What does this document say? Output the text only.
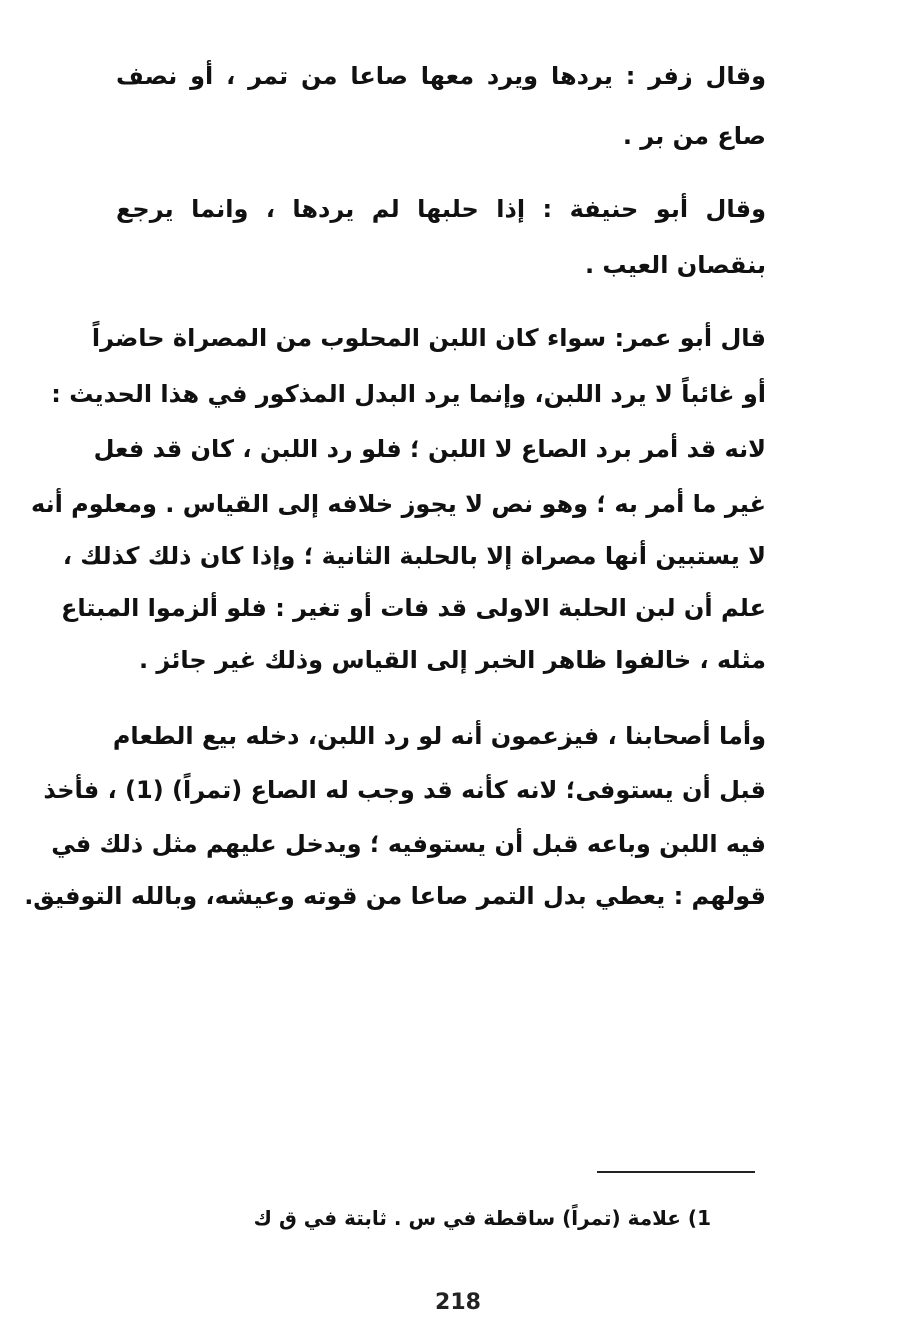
وقال زفر : يردها ويرد معها صاعا من تمر ، أو نصف
صاع من بر .
وقال أبو حنيفة : إذا حلبها لم يردها ، وانما يرجع
بنقصان العيب .
قال أبو عمر: سواء كان اللبن المحلوب من المصراة حاضراً
أو غائباً لا يرد اللبن، وإنما يرد البدل المذكور في هذا الحديث :
لانه قد أمر برد الصاع لا اللبن ؛ فلو رد اللبن ، كان قد فعل
غير ما أمر به ؛ وهو نص لا يجوز خلافه إلى القياس . ومعلوم أنه
لا يستبين أنها مصراة إلا بالحلبة الثانية ؛ وإذا كان ذلك كذلك ،
علم أن لبن الحلبة الاولى قد فات أو تغير : فلو ألزموا المبتاع
مثله ، خالفوا ظاهر الخبر إلى القياس وذلك غير جائز .
وأما أصحابنا ، فيزعمون أنه لو رد اللبن، دخله بيع الطعام
قبل أن يستوفى؛ لانه كأنه قد وجب له الصاع (تمراً) (1) ، فأخذ
فيه اللبن وباعه قبل أن يستوفيه ؛ ويدخل عليهم مثل ذلك في
قولهم : يعطي بدل التمر صاعا من قوته وعيشه، وبالله التوفيق.
1) علامة (تمراً) ساقطة في س . ثابتة في ق ك
218
